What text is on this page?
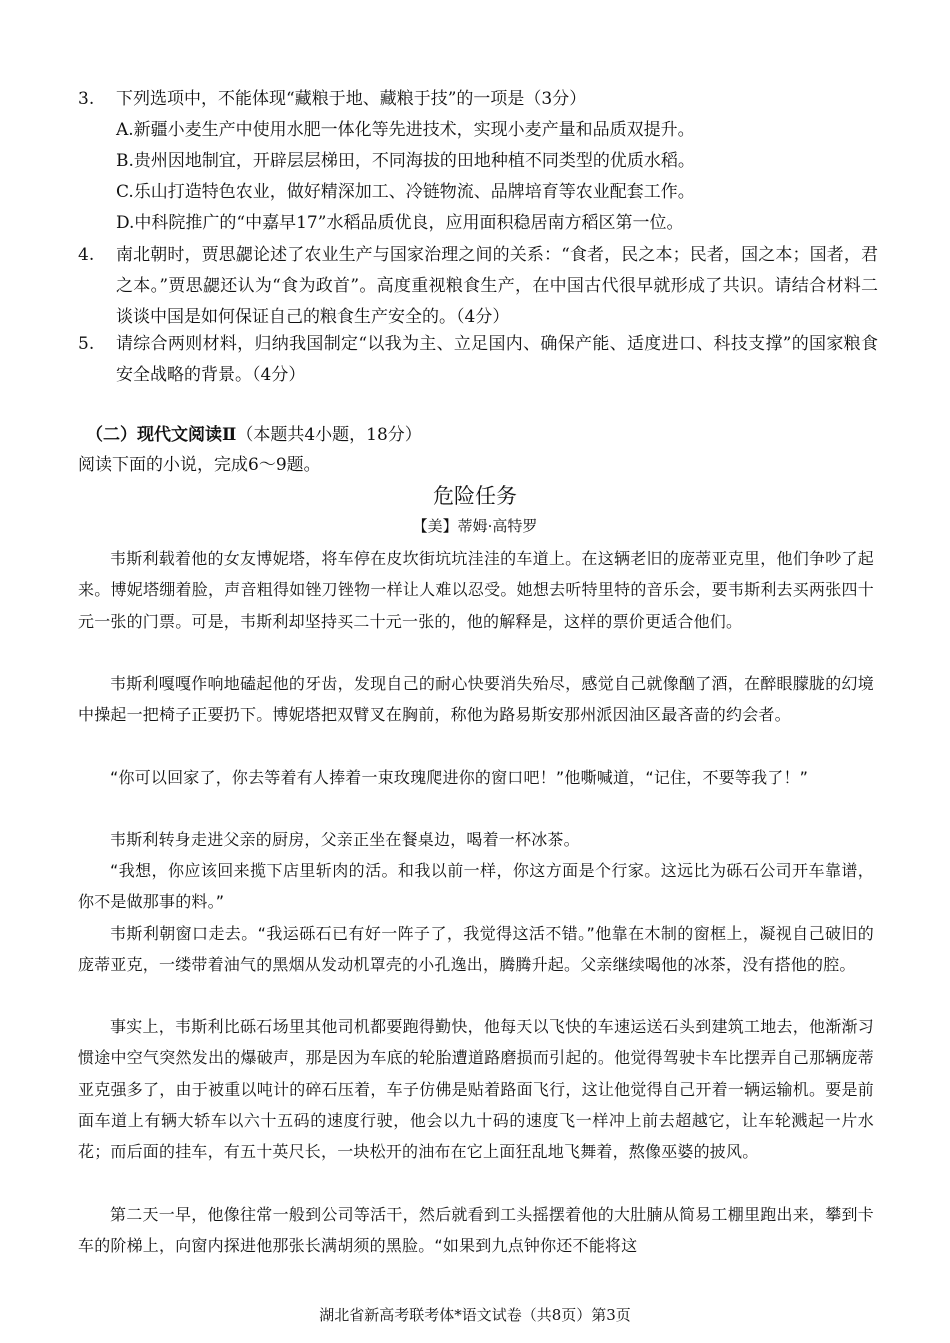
3.	下列选项中，不能体现“藏粮于地、藏粮于技”的一项是（3分）
A.新疆小麦生产中使用水肥一体化等先进技术，实现小麦产量和品质双提升。
B.贵州因地制宜，开辟层层梯田，不同海拔的田地种植不同类型的优质水稻。
C.乐山打造特色农业，做好精深加工、冷链物流、品牌培育等农业配套工作。
D.中科院推广的“中嘉早17”水稻品质优良，应用面积稳居南方稻区第一位。
4.	南北朝时，贾思勰论述了农业生产与国家治理之间的关系：“食者，民之本；民者，国之本；国者，君之本。”贾思勰还认为“食为政首”。高度重视粮食生产，在中国古代很早就形成了共识。请结合材料二谈谈中国是如何保证自己的粮食生产安全的。（4分）
5.	请综合两则材料，归纳我国制定“以我为主、立足国内、确保产能、适度进口、科技支撑”的国家粮食安全战略的背景。（4分）
（二）现代文阅读Ⅱ（本题共4小题，18分）
阅读下面的小说，完成6～9题。
危险任务
【美】蒂姆·高特罗
韦斯利载着他的女友博妮塔，将车停在皮坎街坑坑洼洼的车道上。在这辆老旧的庞蒂亚克里，他们争吵了起来。博妮塔绷着脸，声音粗得如锉刀锉物一样让人难以忍受。她想去听特里特的音乐会，要韦斯利去买两张四十元一张的门票。可是，韦斯利却坚持买二十元一张的，他的解释是，这样的票价更适合他们。
韦斯利嘎嘎作响地磕起他的牙齿，发现自己的耐心快要消失殆尽，感觉自己就像酗了酒，在醉眼朦胧的幻境中操起一把椅子正要扔下。博妮塔把双臂叉在胸前，称他为路易斯安那州派因油区最吝啬的约会者。
“你可以回家了，你去等着有人捧着一束玫瑰爬进你的窗口吧！”他嘶喊道，“记住，不要等我了！”
韦斯利转身走进父亲的厨房，父亲正坐在餐桌边，喝着一杯冰茶。
“我想，你应该回来揽下店里斩肉的活。和我以前一样，你这方面是个行家。这远比为砾石公司开车靠谱，你不是做那事的料。”
韦斯利朝窗口走去。“我运砾石已有好一阵子了，我觉得这活不错。”他靠在木制的窗框上，凝视自己破旧的庞蒂亚克，一缕带着油气的黑烟从发动机罩壳的小孔逸出，腾腾升起。父亲继续喝他的冰茶，没有搭他的腔。
事实上，韦斯利比砾石场里其他司机都要跑得勤快，他每天以飞快的车速运送石头到建筑工地去，他渐渐习惯途中空气突然发出的爆破声，那是因为车底的轮胎遭道路磨损而引起的。他觉得驾驶卡车比摆弄自己那辆庞蒂亚克强多了，由于被重以吨计的碎石压着，车子仿佛是贴着路面飞行，这让他觉得自己开着一辆运输机。要是前面车道上有辆大轿车以六十五码的速度行驶，他会以九十码的速度飞一样冲上前去超越它，让车轮溅起一片水花；而后面的挂车，有五十英尺长，一块松开的油布在它上面狂乱地飞舞着，熬像巫婆的披风。
第二天一早，他像往常一般到公司等活干，然后就看到工头摇摆着他的大肚腩从简易工棚里跑出来，攀到卡车的阶梯上，向窗内探进他那张长满胡须的黑脸。“如果到九点钟你还不能将这
湖北省新高考联考体*语文试卷（共8页）第3页
